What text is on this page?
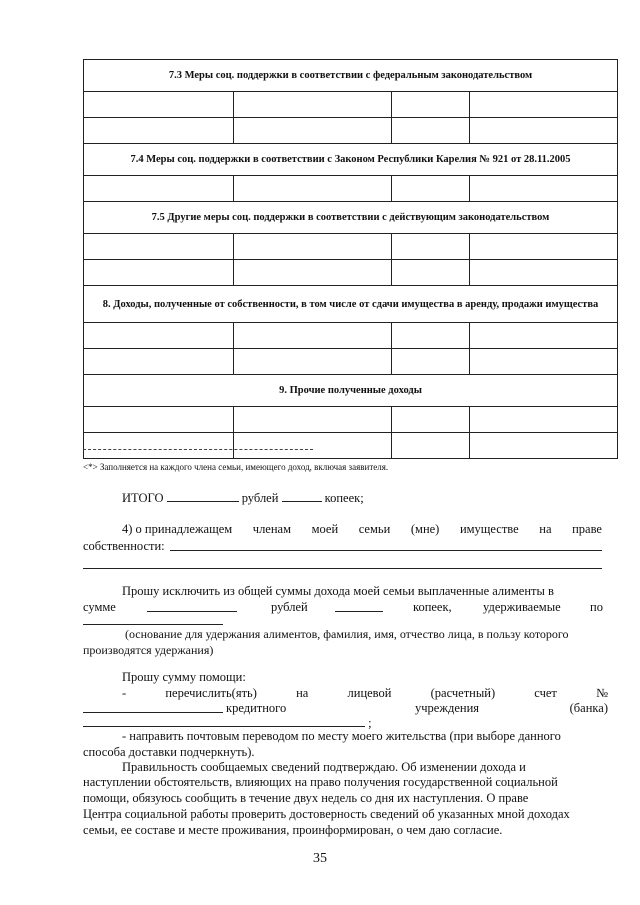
7.3 Меры соц. поддержки в соответствии с федеральным законодательством			

7.4 Меры соц. поддержки в соответствии с Законом Республики Карелия № 921 от 28.11.2005			

7.5 Другие меры соц. поддержки в соответствии с действующим законодательством			

8. Доходы, полученные от собственности, в том числе от сдачи имущества в аренду, продажи имущества			

9. Прочие полученные доходы			

<*> Заполняется на каждого члена семьи, имеющего доход, включая заявителя.
ИТОГО	рублей	копеек;
4) о принадлежащем членам моей семьи (мне) имуществе на праве
собственности:
Прошу исключить из общей суммы дохода моей семьи выплаченные алименты в
сумме	рублей	копеек,	удерживаемые по
(основание для удержания алиментов, фамилия, имя, отчество лица, в пользу которого
производятся удержания)
Прошу сумму помощи:
-	перечислить(ять)	на	лицевой	(расчетный)	счет	№
кредитного	учреждения	(банка)
;
- направить почтовым переводом по месту моего жительства (при выборе данного
способа доставки подчеркнуть).
Правильность сообщаемых сведений подтверждаю. Об изменении дохода и
наступлении обстоятельств, влияющих на право получения государственной социальной
помощи, обязуюсь сообщить в течение двух недель со дня их наступления. О праве
Центра социальной работы проверить достоверность сведений об указанных мной доходах
семьи, ее составе и месте проживания, проинформирован, о чем даю согласие.
35
